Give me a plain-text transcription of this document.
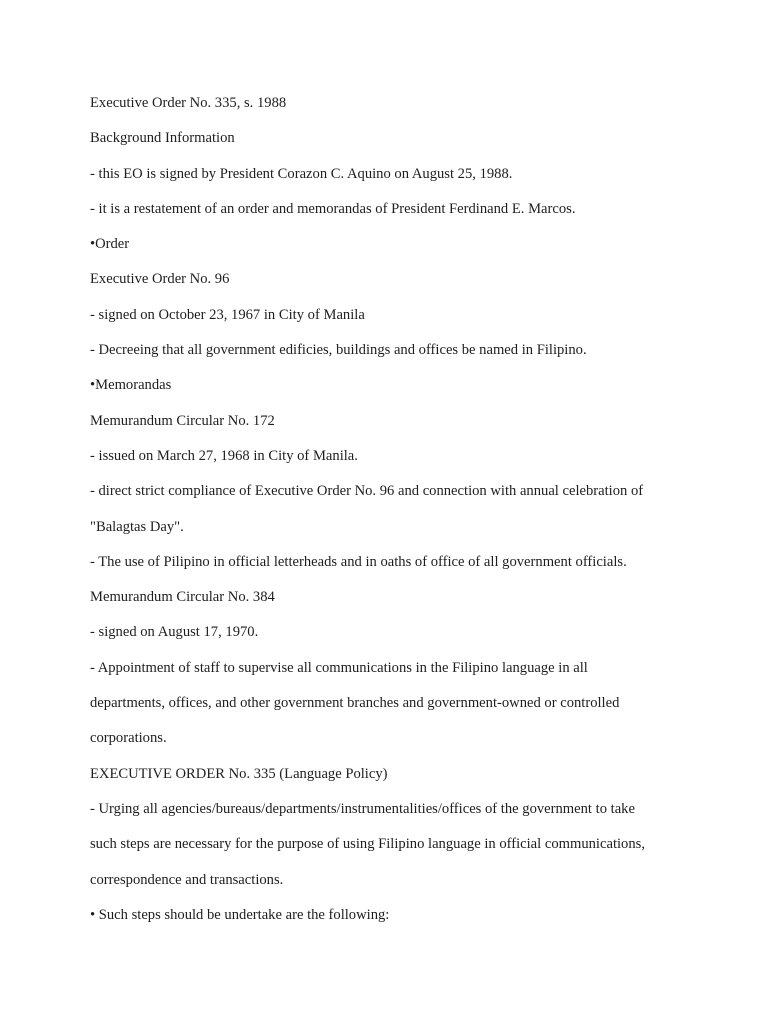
Executive Order No. 335, s. 1988
Background Information
- this EO is signed by President Corazon C. Aquino on August 25, 1988.
- it is a restatement of an order and memorandas of President Ferdinand E. Marcos.
•Order
Executive Order No. 96
- signed on October 23, 1967 in City of Manila
- Decreeing that all government edificies, buildings and offices be named in Filipino.
•Memorandas
Memurandum Circular No. 172
- issued on March 27, 1968 in City of Manila.
- direct strict compliance of Executive Order No. 96 and connection with annual celebration of
"Balagtas Day".
- The use of Pilipino in official letterheads and in oaths of office of all government officials.
Memurandum Circular No. 384
- signed on August 17, 1970.
- Appointment of staff to supervise all communications in the Filipino language in all
departments, offices, and other government branches and government-owned or controlled
corporations.
EXECUTIVE ORDER No. 335 (Language Policy)
- Urging all agencies/bureaus/departments/instrumentalities/offices of the government to take
such steps are necessary for the purpose of using Filipino language in official communications,
correspondence and transactions.
• Such steps should be undertake are the following:
